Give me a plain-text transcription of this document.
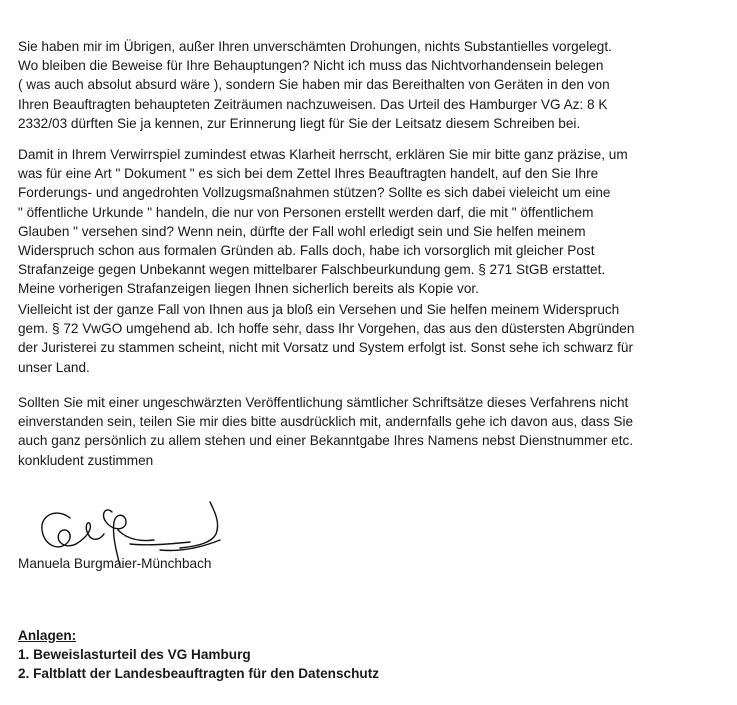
Sie haben mir im Übrigen, außer Ihren unverschämten Drohungen, nichts Substantielles vorgelegt.
Wo bleiben die Beweise für Ihre Behauptungen? Nicht ich muss das Nichtvorhandensein belegen
( was auch absolut absurd wäre ), sondern Sie haben mir das Bereithalten von Geräten in den von
Ihren Beauftragten behaupteten Zeiträumen nachzuweisen. Das Urteil des Hamburger VG Az: 8 K
2332/03 dürften Sie ja kennen, zur Erinnerung liegt für Sie der Leitsatz diesem Schreiben bei.

Damit in Ihrem Verwirrspiel zumindest etwas Klarheit herrscht, erklären Sie mir bitte ganz präzise, um
was für eine Art " Dokument " es sich bei dem Zettel Ihres Beauftragten handelt, auf den Sie Ihre
Forderungs- und angedrohten Vollzugsmaßnahmen stützen? Sollte es sich dabei vieleicht um eine
" öffentliche Urkunde " handeln, die nur von Personen erstellt werden darf, die mit " öffentlichem
Glauben " versehen sind? Wenn nein, dürfte der Fall wohl erledigt sein und Sie helfen meinem
Widerspruch schon aus formalen Gründen ab. Falls doch, habe ich vorsorglich mit gleicher Post
Strafanzeige gegen Unbekannt wegen mittelbarer Falschbeurkundung gem. § 271 StGB erstattet.
Meine vorherigen Strafanzeigen liegen Ihnen sicherlich bereits als Kopie vor.

Vielleicht ist der ganze Fall von Ihnen aus ja bloß ein Versehen und Sie helfen meinem Widerspruch
gem. § 72 VwGO umgehend ab. Ich hoffe sehr, dass Ihr Vorgehen, das aus den düstersten Abgründen
der Juristerei zu stammen scheint, nicht mit Vorsatz und System erfolgt ist. Sonst sehe ich schwarz für
unser Land.

Sollten Sie mit einer ungeschwärzten Veröffentlichung sämtlicher Schriftsätze dieses Verfahrens nicht
einverstanden sein, teilen Sie mir dies bitte ausdrücklich mit, andernfalls gehe ich davon aus, dass Sie
auch ganz persönlich zu allem stehen und einer Bekanntgabe Ihres Namens nebst Dienstnummer etc.
konkludent zustimmen

Manuela Burgmaier-Münchbach
Anlagen:
1. Beweislasturteil des VG Hamburg
2. Faltblatt der Landesbeauftragten für den Datenschutz
